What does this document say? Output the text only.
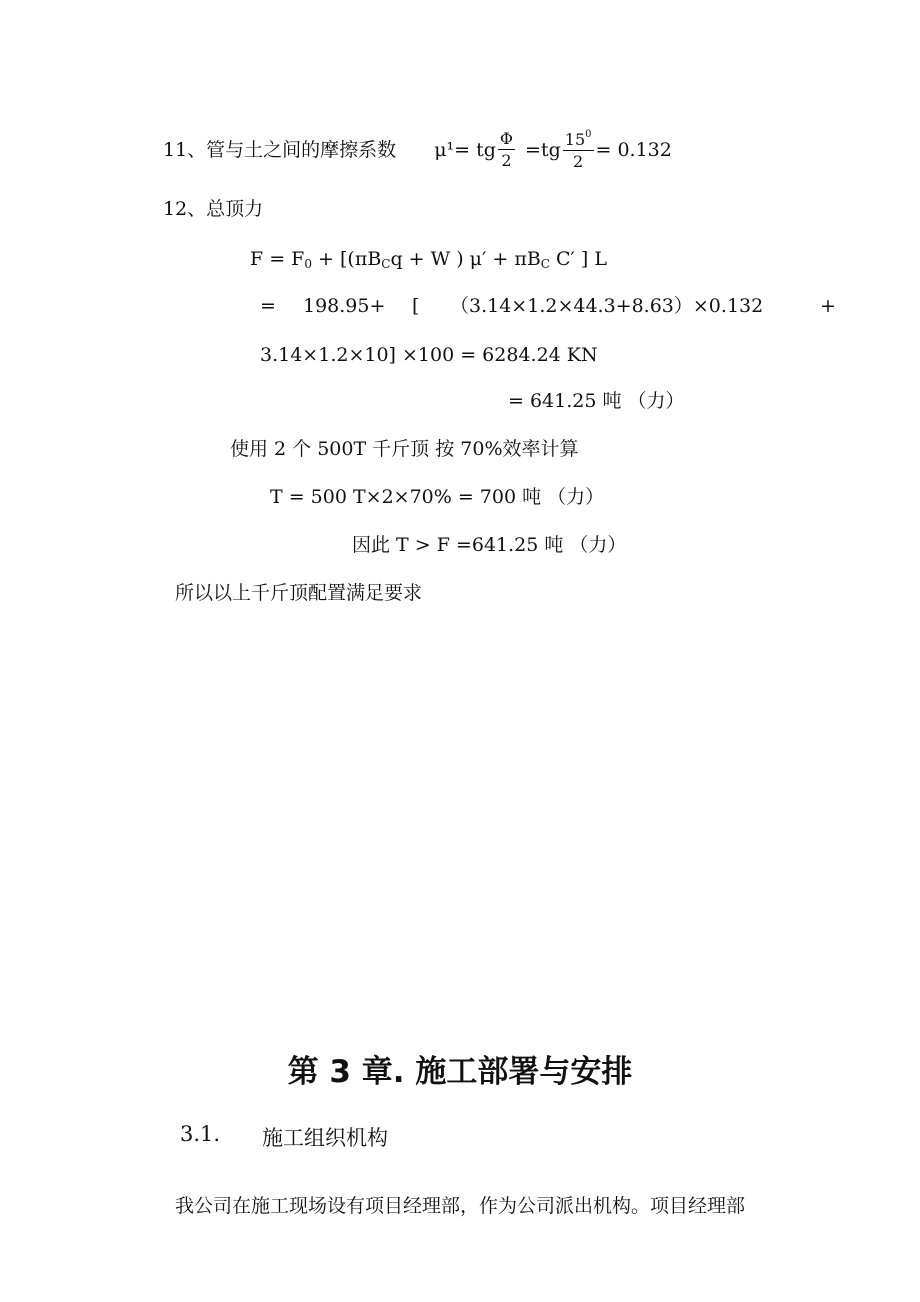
11、管与土之间的摩擦系数 μ¹= tg $\frac{\Phi}{2} =tg \frac{15^0}{2} = 0.132$
12、总顶力
$F = F_0 + [(\pi B_Cq + W$ ) $\mu' + \pi B_C$ C′ ] L
= 198.95+ [ （3.14×1.2×44.3+8.63）×0.132	+
3.14×1.2×10] ×100 = 6284.24 KN
= 641.25 吨 （力）
使用 2 个 500T 千斤顶 按 70%效率计算
T = 500 T×2×70% = 700 吨 （力）
因此 T > F =641.25 吨 （力）
所以以上千斤顶配置满足要求
第 3 章. 施工部署与安排
3.1. 施工组织机构
我公司在施工现场设有项目经理部，作为公司派出机构。项目经理部
